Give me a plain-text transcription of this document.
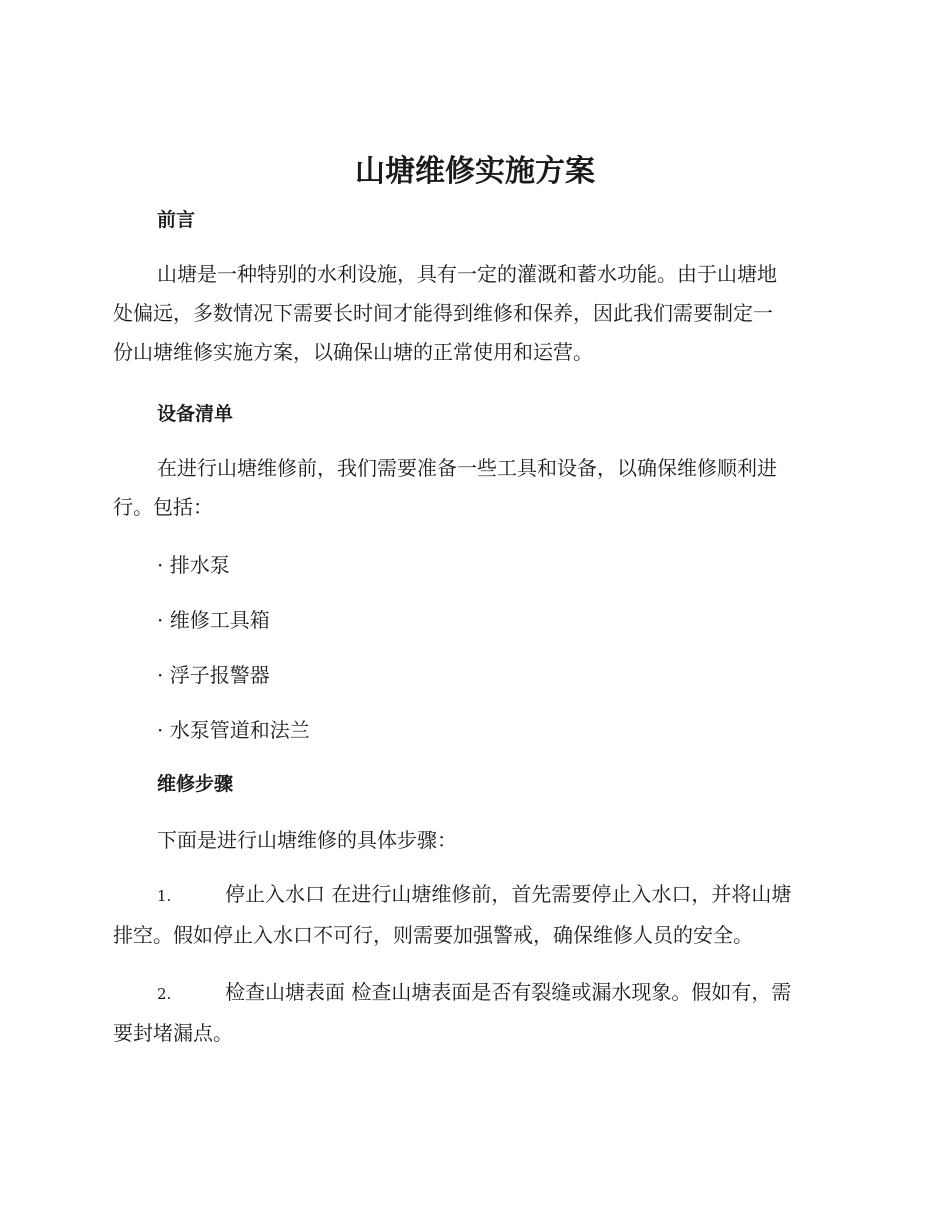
山塘维修实施方案
前言

山塘是一种特别的水利设施，具有一定的灌溉和蓄水功能。由于山塘地
处偏远，多数情况下需要长时间才能得到维修和保养，因此我们需要制定一
份山塘维修实施方案，以确保山塘的正常使用和运营。

设备清单

在进行山塘维修前，我们需要准备一些工具和设备，以确保维修顺利进
行。包括：

· 排水泵

· 维修工具箱

· 浮子报警器

· 水泵管道和法兰

维修步骤

下面是进行山塘维修的具体步骤：

1.	停止入水口 在进行山塘维修前，首先需要停止入水口，并将山塘
排空。假如停止入水口不可行，则需要加强警戒，确保维修人员的安全。
2.	检查山塘表面 检查山塘表面是否有裂缝或漏水现象。假如有，需
要封堵漏点。
